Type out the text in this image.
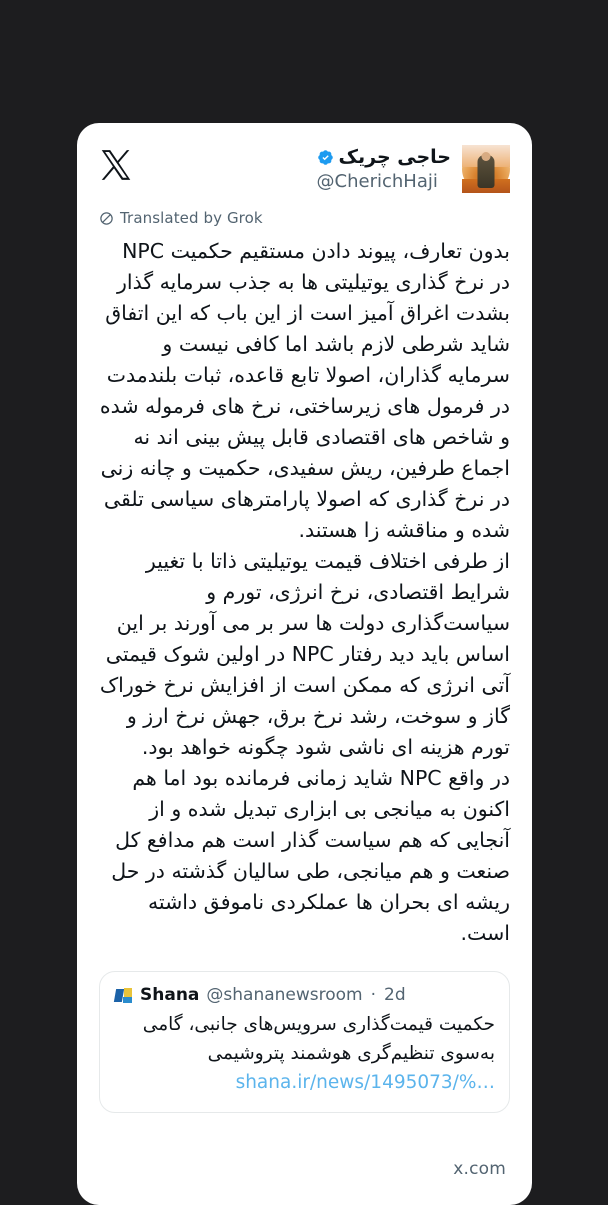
حاجی چریک
@CherichHaji
Translated by Grok

بدون تعارف، پیوند دادن مستقیم حکمیت NPC در نرخ گذاری یوتیلیتی ها به جذب سرمایه گذار بشدت اغراق آمیز است از این باب که این اتفاق شاید شرطی لازم باشد اما کافی نیست و سرمایه گذاران، اصولا تابع قاعده، ثبات بلندمدت در فرمول های زیرساختی، نرخ های فرموله شده و شاخص های اقتصادی قابل پیش بینی اند نه اجماع طرفین، ریش سفیدی، حکمیت و چانه زنی در نرخ گذاری که اصولا پارامترهای سیاسی تلقی شده و مناقشه زا هستند.

از طرفی اختلاف قیمت یوتیلیتی ذاتا با تغییر شرایط اقتصادی، نرخ انرژی، تورم و سیاست‌گذاری دولت ها سر بر می آورند بر این اساس باید دید رفتار NPC در اولین شوک قیمتی آتی انرژی که ممکن است از افزایش نرخ خوراک گاز و سوخت، رشد نرخ برق، جهش نرخ ارز و تورم هزینه ای ناشی شود چگونه خواهد بود.

در واقع NPC شاید زمانی فرمانده بود اما هم اکنون به میانجی بی ابزاری تبدیل شده و از آنجایی که هم سیاست گذار است هم مدافع کل صنعت و هم میانجی، طی سالیان گذشته در حل ریشه ای بحران ها عملکردی ناموفق داشته است.

Shana @shananewsroom · 2d
حکمیت قیمت‌گذاری سرویس‌های جانبی، گامی به‌سوی تنظیم‌گری هوشمند پتروشیمی shana.ir/news/1495073/%…
x.com
